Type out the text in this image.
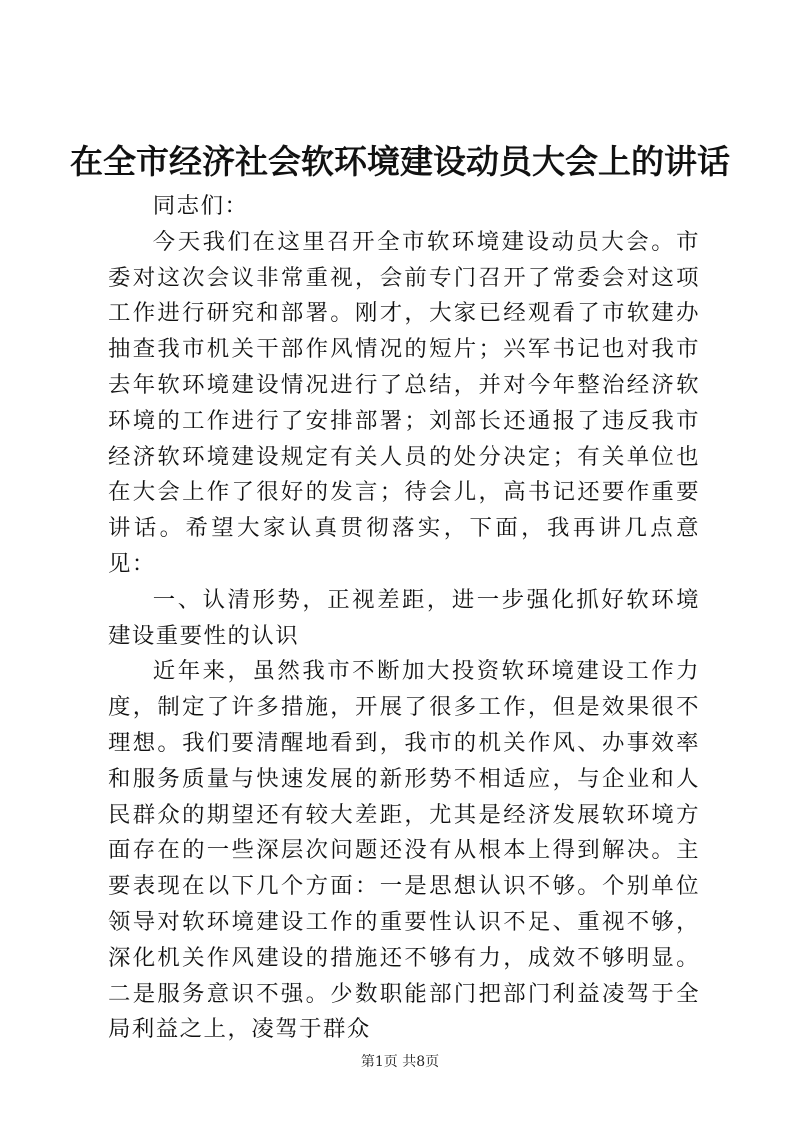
在全市经济社会软环境建设动员大会上的讲话

同志们：

今天我们在这里召开全市软环境建设动员大会。市委对这次会议非常重视，会前专门召开了常委会对这项工作进行研究和部署。刚才，大家已经观看了市软建办抽查我市机关干部作风情况的短片；兴军书记也对我市去年软环境建设情况进行了总结，并对今年整治经济软环境的工作进行了安排部署；刘部长还通报了违反我市经济软环境建设规定有关人员的处分决定；有关单位也在大会上作了很好的发言；待会儿，高书记还要作重要讲话。希望大家认真贯彻落实，下面，我再讲几点意见：

一、认清形势，正视差距，进一步强化抓好软环境建设重要性的认识

近年来，虽然我市不断加大投资软环境建设工作力度，制定了许多措施，开展了很多工作，但是效果很不理想。我们要清醒地看到，我市的机关作风、办事效率和服务质量与快速发展的新形势不相适应，与企业和人民群众的期望还有较大差距，尤其是经济发展软环境方面存在的一些深层次问题还没有从根本上得到解决。主要表现在以下几个方面：一是思想认识不够。个别单位领导对软环境建设工作的重要性认识不足、重视不够，深化机关作风建设的措施还不够有力，成效不够明显。二是服务意识不强。少数职能部门把部门利益凌驾于全局利益之上，凌驾于群众

第1页 共8页
